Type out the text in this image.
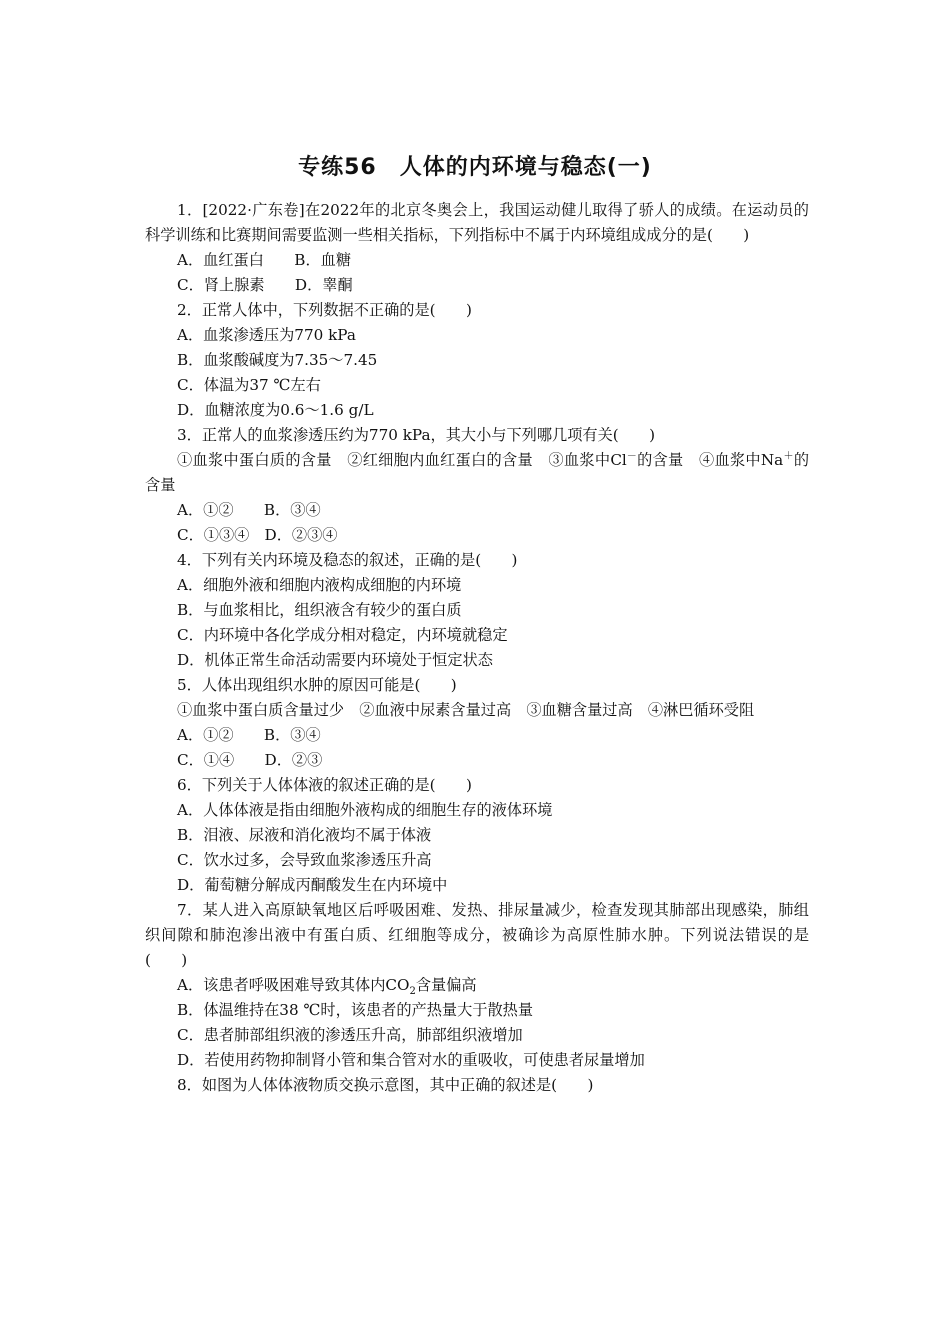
专练56　人体的内环境与稳态(一)

1．[2022·广东卷]在2022年的北京冬奥会上，我国运动健儿取得了骄人的成绩。在运动员的科学训练和比赛期间需要监测一些相关指标，下列指标中不属于内环境组成成分的是(　　)

A．血红蛋白　　B．血糖

C．肾上腺素　　D．睾酮

2．正常人体中，下列数据不正确的是(　　)

A．血浆渗透压为770 kPa

B．血浆酸碱度为7.35～7.45

C．体温为37 ℃左右

D．血糖浓度为0.6～1.6 g/L

3．正常人的血浆渗透压约为770 kPa，其大小与下列哪几项有关(　　)

①血浆中蛋白质的含量　②红细胞内血红蛋白的含量　③血浆中Cl－的含量　④血浆中Na＋的含量

A．①②　　B．③④

C．①③④　D．②③④

4．下列有关内环境及稳态的叙述，正确的是(　　)

A．细胞外液和细胞内液构成细胞的内环境

B．与血浆相比，组织液含有较少的蛋白质

C．内环境中各化学成分相对稳定，内环境就稳定

D．机体正常生命活动需要内环境处于恒定状态

5．人体出现组织水肿的原因可能是(　　)

①血浆中蛋白质含量过少　②血液中尿素含量过高　③血糖含量过高　④淋巴循环受阻

A．①②　　B．③④

C．①④　　D．②③

6．下列关于人体体液的叙述正确的是(　　)

A．人体体液是指由细胞外液构成的细胞生存的液体环境

B．泪液、尿液和消化液均不属于体液

C．饮水过多，会导致血浆渗透压升高

D．葡萄糖分解成丙酮酸发生在内环境中

7．某人进入高原缺氧地区后呼吸困难、发热、排尿量减少，检查发现其肺部出现感染，肺组织间隙和肺泡渗出液中有蛋白质、红细胞等成分，被确诊为高原性肺水肿。下列说法错误的是(　　)

A．该患者呼吸困难导致其体内$CO_2$含量偏高

B．体温维持在38 ℃时，该患者的产热量大于散热量

C．患者肺部组织液的渗透压升高，肺部组织液增加

D．若使用药物抑制肾小管和集合管对水的重吸收，可使患者尿量增加

8．如图为人体体液物质交换示意图，其中正确的叙述是(　　)
